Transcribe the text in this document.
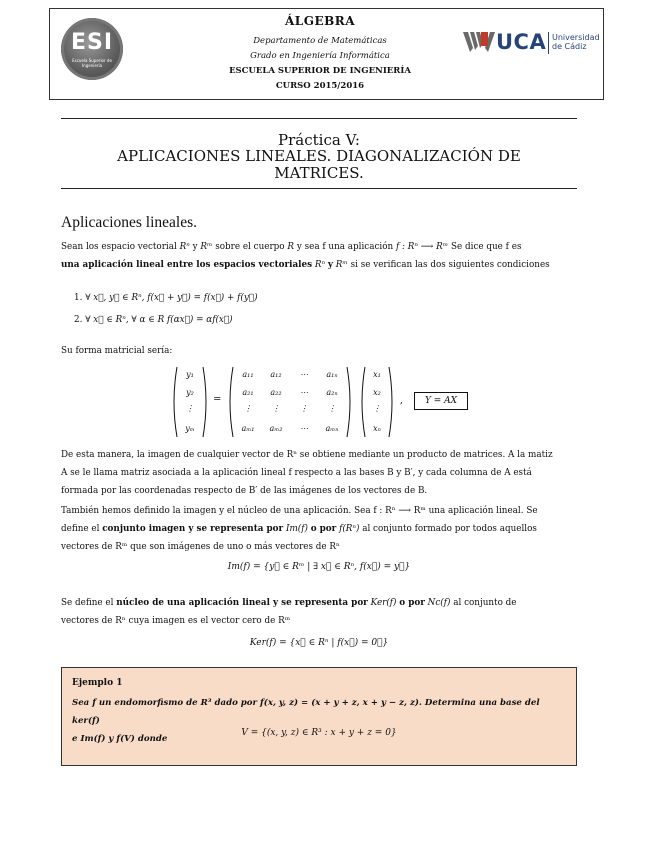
ESI
Escuela Superior de Ingeniería
ÁLGEBRA
Departamento de Matemáticas
Grado en Ingeniería Informática
ESCUELA SUPERIOR DE INGENIERÍA
CURSO 2015/2016
UCA Universidad
de Cádiz
Práctica V:
APLICACIONES LINEALES. DIAGONALIZACIÓN DE
MATRICES.
Aplicaciones lineales.
Sean los espacio vectorial Rⁿ y Rᵐ sobre el cuerpo R y sea f una aplicación f : Rⁿ ⟶ Rᵐ Se dice que f es
una aplicación lineal entre los espacios vectoriales Rⁿ y Rᵐ si se verifican las dos siguientes condiciones
1. ∀ x⃗, y⃗ ∈ Rⁿ, f(x⃗ + y⃗) = f(x⃗) + f(y⃗)
2. ∀ x⃗ ∈ Rⁿ, ∀ α ∈ R f(αx⃗) = αf(x⃗)
Su forma matricial sería:
y₁
y₂
⋮
yₘ
=
a₁₁	a₁₂	⋯	a₁ₙ
a₂₁	a₂₂	⋯	a₂ₙ
⋮	⋮	⋮	⋮
aₘ₁	aₘ₂	⋯	aₘₙ
x₁
x₂
⋮
xₙ
,	Y = AX
De esta manera, la imagen de cualquier vector de Rⁿ se obtiene mediante un producto de matrices. A la matiz
A se le llama matriz asociada a la aplicación lineal f respecto a las bases B y B′, y cada columna de A está
formada por las coordenadas respecto de B′ de las imágenes de los vectores de B.
También hemos definido la imagen y el núcleo de una aplicación. Sea f : Rⁿ ⟶ Rᵐ una aplicación lineal. Se
define el conjunto imagen y se representa por Im(f) o por f(Rⁿ) al conjunto formado por todos aquellos
vectores de Rᵐ que son imágenes de uno o más vectores de Rⁿ
Im(f) = {y⃗ ∈ Rᵐ | ∃ x⃗ ∈ Rⁿ, f(x⃗) = y⃗}
Se define el núcleo de una aplicación lineal y se representa por Ker(f) o por Nc(f) al conjunto de
vectores de Rⁿ cuya imagen es el vector cero de Rᵐ
Ker(f) = {x⃗ ∈ Rⁿ | f(x⃗) = 0⃗}
Ejemplo 1
Sea f un endomorfismo de R³ dado por f(x, y, z) = (x + y + z, x + y − z, z). Determina una base del ker(f)
e Im(f) y f(V) donde
V = {(x, y, z) ∈ R³ : x + y + z = 0}
